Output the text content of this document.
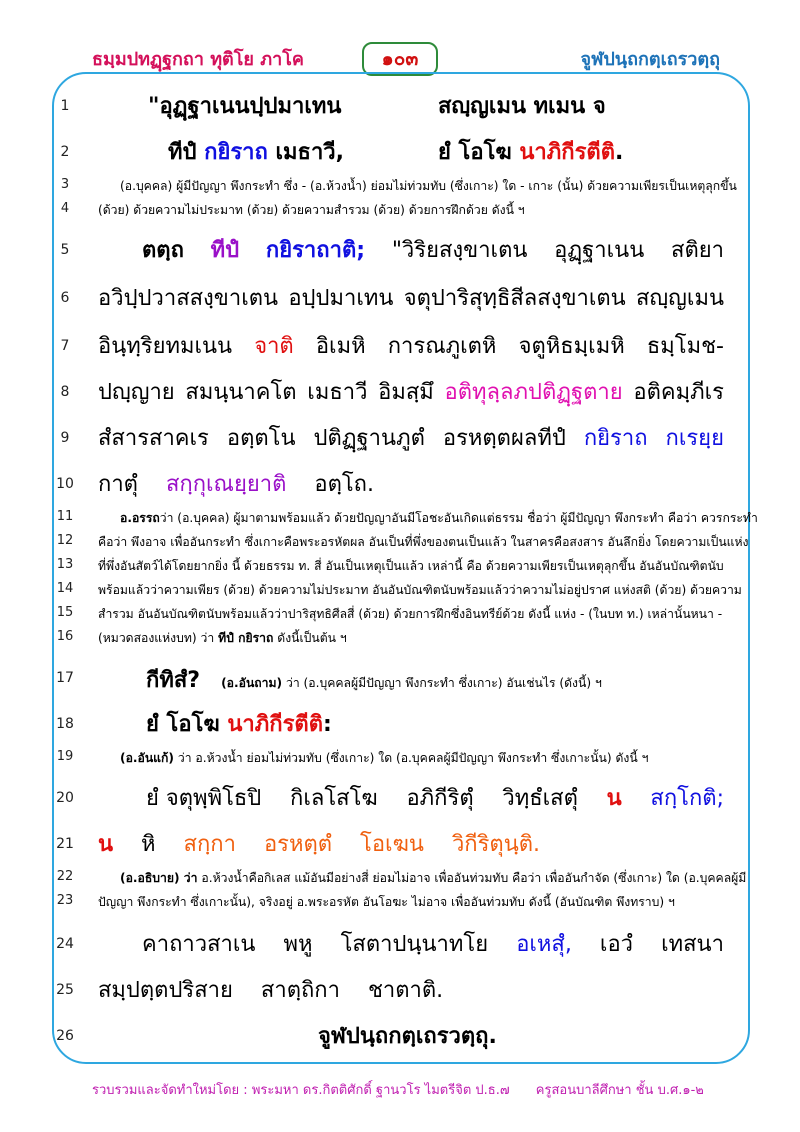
ธมฺมปทฏฺฐกถา ทุติโย ภาโค	๑๐๓	จูฬปนฺถกตฺเถรวตฺถุ
1	"อุฏฺฐาเนนปฺปมาเทน	สญฺญเมน ทเมน จ
2	ทีปํ กยิราถ เมธาวี,	ยํ โอโฆ นาภิกีรตีติ.
3	(อ.บุคคล) ผู้มีปัญญา พึงกระทำ ซึ่ง - (อ.ห้วงน้ำ) ย่อมไม่ท่วมทับ (ซึ่งเกาะ) ใด - เกาะ (นั้น) ด้วยความเพียรเป็นเหตุลุกขึ้น
4	(ด้วย) ด้วยความไม่ประมาท (ด้วย) ด้วยความสำรวม (ด้วย) ด้วยการฝึกด้วย ดังนี้ ฯ
5	ตตฺถ ทีปํ กยิราถาติ; "วิริยสงฺขาเตน อุฏฺฐาเนน สติยา
6	อวิปฺปวาสสงฺขาเตน อปฺปมาเทน จตุปาริสุทฺธิสีลสงฺขาเตน สญฺญเมน
7	อินฺทฺริยทมเนน จาติ อิเมหิ การณภูเตหิ จตูหิธมฺเมหิ ธมฺโมช-
8	ปญฺญาย สมนฺนาคโต เมธาวี อิมสฺมึ อติทุลฺลภปติฏฺฐตาย อติคมฺภีเร
9	สํสารสาคเร อตฺตโน ปติฏฺฐานภูตํ อรหตฺตผลทีปํ กยิราถ กเรยฺย
10 กาตุํ สกฺกุเณยฺยาติ อตฺโถ.
11	อ.อรรถว่า (อ.บุคคล) ผู้มาตามพร้อมแล้ว ด้วยปัญญาอันมีโอชะอันเกิดแต่ธรรม ชื่อว่า ผู้มีปัญญา พึงกระทำ คือว่า ควรกระทำ
12	คือว่า พึงอาจ เพื่ออันกระทำ ซึ่งเกาะคือพระอรหัตผล อันเป็นที่พึ่งของตนเป็นแล้ว ในสาครคือสงสาร อันลึกยิ่ง โดยความเป็นแห่ง
13	ที่พึ่งอันสัตว์ได้โดยยากยิ่ง นี้ ด้วยธรรม ท. สี่ อันเป็นเหตุเป็นแล้ว เหล่านี้ คือ ด้วยความเพียรเป็นเหตุลุกขึ้น อันอันบัณฑิตนับ
14	พร้อมแล้วว่าความเพียร (ด้วย) ด้วยความไม่ประมาท อันอันบัณฑิตนับพร้อมแล้วว่าความไม่อยู่ปราศ แห่งสติ (ด้วย) ด้วยความ
15	สำรวม อันอันบัณฑิตนับพร้อมแล้วว่าปาริสุทธิศีลสี่ (ด้วย) ด้วยการฝึกซึ่งอินทรีย์ด้วย ดังนี้ แห่ง - (ในบท ท.) เหล่านั้นหนา -
16	(หมวดสองแห่งบท) ว่า ทีปํ กยิราถ ดังนี้เป็นต้น ฯ
17	กีทิสํ? (อ.อันถาม) ว่า (อ.บุคคลผู้มีปัญญา พึงกระทำ ซึ่งเกาะ) อันเช่นไร (ดังนี้) ฯ
18	ยํ โอโฆ นาภิกีรตีติ:
19	(อ.อันแก้) ว่า อ.ห้วงน้ำ ย่อมไม่ท่วมทับ (ซึ่งเกาะ) ใด (อ.บุคคลผู้มีปัญญา พึงกระทำ ซึ่งเกาะนั้น) ดังนี้ ฯ
20	ยํ จตุพฺพิโธปิ กิเลโสโฆ อภิกีริตุํ วิทฺธํเสตุํ น สกฺโกติ;
21 น หิ สกฺกา อรหตฺตํ โอเฆน วิกีริตุนฺติ.
22	(อ.อธิบาย) ว่า อ.ห้วงน้ำคือกิเลส แม้อันมีอย่างสี่ ย่อมไม่อาจ เพื่ออันท่วมทับ คือว่า เพื่ออันกำจัด (ซึ่งเกาะ) ใด (อ.บุคคลผู้มี
23	ปัญญา พึงกระทำ ซึ่งเกาะนั้น), จริงอยู่ อ.พระอรหัต อันโอฆะ ไม่อาจ เพื่ออันท่วมทับ ดังนี้ (อันบัณฑิต พึงทราบ) ฯ
24	คาถาวสาเน พหู โสตาปนฺนาทโย อเหสุํ, เอวํ เทสนา
25 สมฺปตฺตปริสาย สาตฺถิกา ชาตาติ.
26	จูฬปนฺถกตฺเถรวตฺถุ.
รวบรวมและจัดทำใหม่โดย : พระมหา ดร.กิตติศักดิ์ ฐานวโร ไมตรีจิต ป.ธ.๗ ครูสอนบาลีศึกษา ชั้น บ.ศ.๑-๒
